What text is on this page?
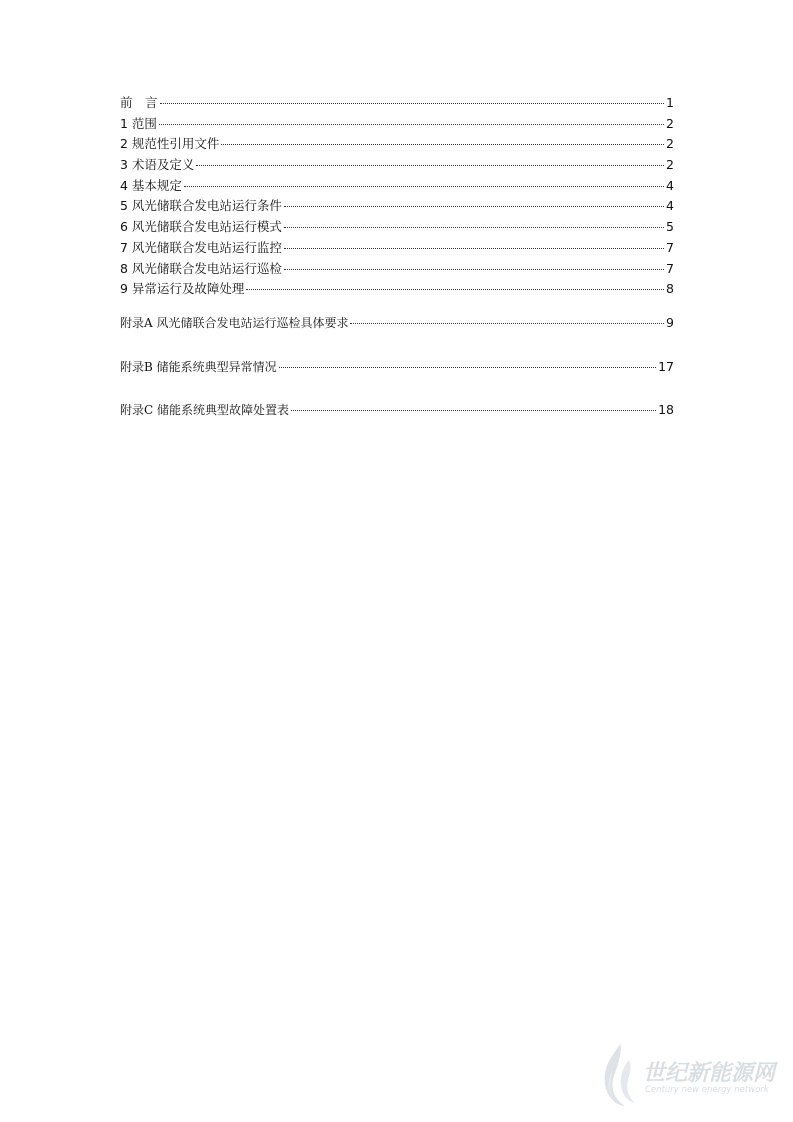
前　言	1
1 范围	2
2 规范性引用文件	2
3 术语及定义	2
4 基本规定	4
5 风光储联合发电站运行条件	4
6 风光储联合发电站运行模式	5
7 风光储联合发电站运行监控	7
8 风光储联合发电站运行巡检	7
9 异常运行及故障处理	8
附录A 风光储联合发电站运行巡检具体要求	9
附录B 储能系统典型异常情况	17
附录C 储能系统典型故障处置表	18
世纪新能源网
Century new energy network
